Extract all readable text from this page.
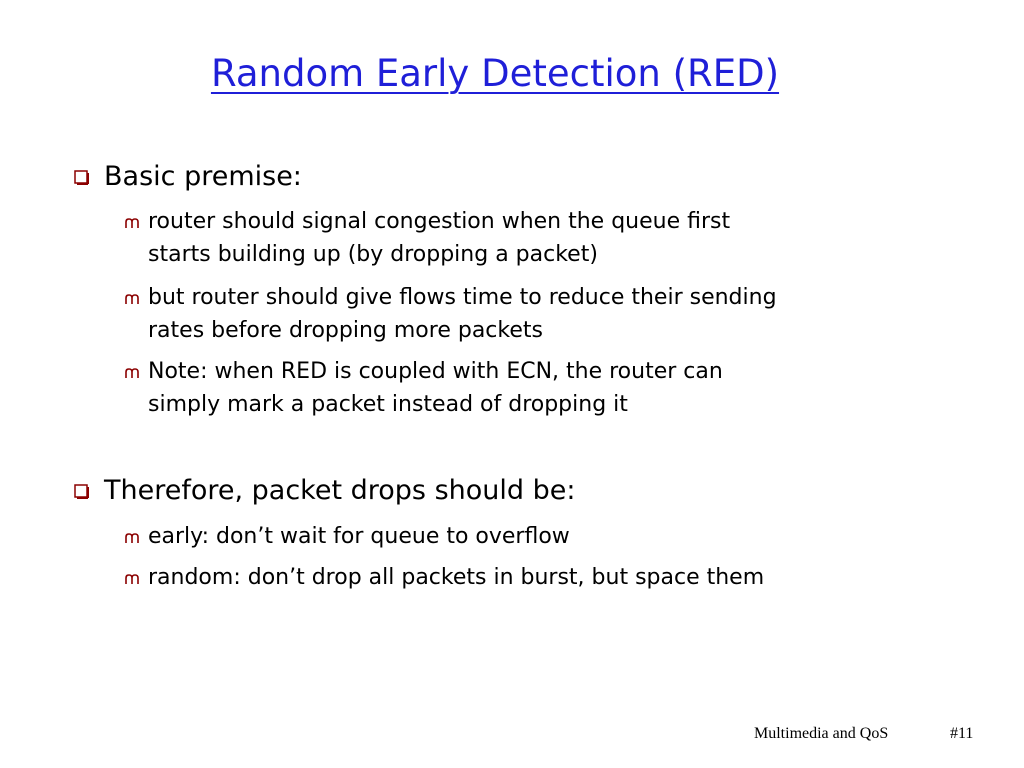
Random Early Detection (RED)
Basic premise:
router should signal congestion when the queue first
starts building up (by dropping a packet)
but router should give flows time to reduce their sending
rates before dropping more packets
Note: when RED is coupled with ECN, the router can
simply mark a packet instead of dropping it
Therefore, packet drops should be:
early: don’t wait for queue to overflow
random: don’t drop all packets in burst, but space them
Multimedia and QoS	#11
